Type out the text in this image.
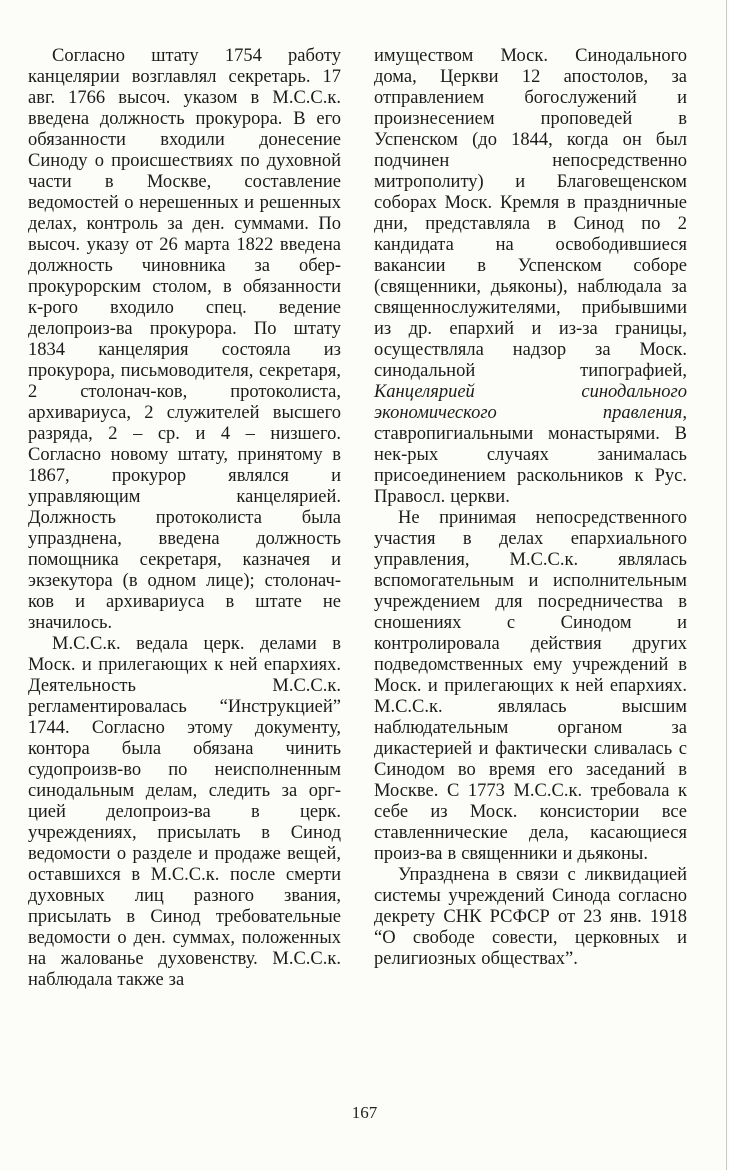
Согласно штату 1754 работу канцелярии возглавлял секретарь. 17 авг. 1766 высоч. указом в М.С.С.к. введена должность прокурора. В его обязанности входили донесение Синоду о происшествиях по духовной части в Москве, составление ведомостей о нерешенных и решенных делах, контроль за ден. суммами. По высоч. указу от 26 марта 1822 введена должность чиновника за обер-прокурорским столом, в обязанности к-рого входило спец. ведение делопроиз-ва прокурора. По штату 1834 канцелярия состояла из прокурора, письмоводителя, секретаря, 2 столонач-ков, протоколиста, архивариуса, 2 служителей высшего разряда, 2 – ср. и 4 – низшего. Согласно новому штату, принятому в 1867, прокурор являлся и управляющим канцелярией. Должность протоколиста была упразднена, введена должность помощника секретаря, казначея и экзекутора (в одном лице); столонач-ков и архивариуса в штате не значилось.

М.С.С.к. ведала церк. делами в Моск. и прилегающих к ней епархиях. Деятельность М.С.С.к. регламентировалась “Инструкцией” 1744. Согласно этому документу, контора была обязана чинить судопроизв-во по неисполненным синодальным делам, следить за орг-цией делопроиз-ва в церк. учреждениях, присылать в Синод ведомости о разделе и продаже вещей, оставшихся в М.С.С.к. после смерти духовных лиц разного звания, присылать в Синод требовательные ведомости о ден. суммах, положенных на жалованье духовенству. М.С.С.к. наблюдала также за

имуществом Моск. Синодального дома, Церкви 12 апостолов, за отправлением богослужений и произнесением проповедей в Успенском (до 1844, когда он был подчинен непосредственно митрополиту) и Благовещенском соборах Моск. Кремля в праздничные дни, представляла в Синод по 2 кандидата на освободившиеся вакансии в Успенском соборе (священники, дьяконы), наблюдала за священнослужителями, прибывшими из др. епархий и из-за границы, осуществляла надзор за Моск. синодальной типографией, Канцелярией синодального экономического правления, ставропигиальными монастырями. В нек-рых случаях занималась присоединением раскольников к Рус. Правосл. церкви.

Не принимая непосредственного участия в делах епархиального управления, М.С.С.к. являлась вспомогательным и исполнительным учреждением для посредничества в сношениях с Синодом и контролировала действия других подведомственных ему учреждений в Моск. и прилегающих к ней епархиях. М.С.С.к. являлась высшим наблюдательным органом за дикастерией и фактически сливалась с Синодом во время его заседаний в Москве. С 1773 М.С.С.к. требовала к себе из Моск. консистории все ставленнические дела, касающиеся произ-ва в священники и дьяконы.

Упразднена в связи с ликвидацией системы учреждений Синода согласно декрету СНК РСФСР от 23 янв. 1918 “О свободе совести, церковных и религиозных обществах”.

167
